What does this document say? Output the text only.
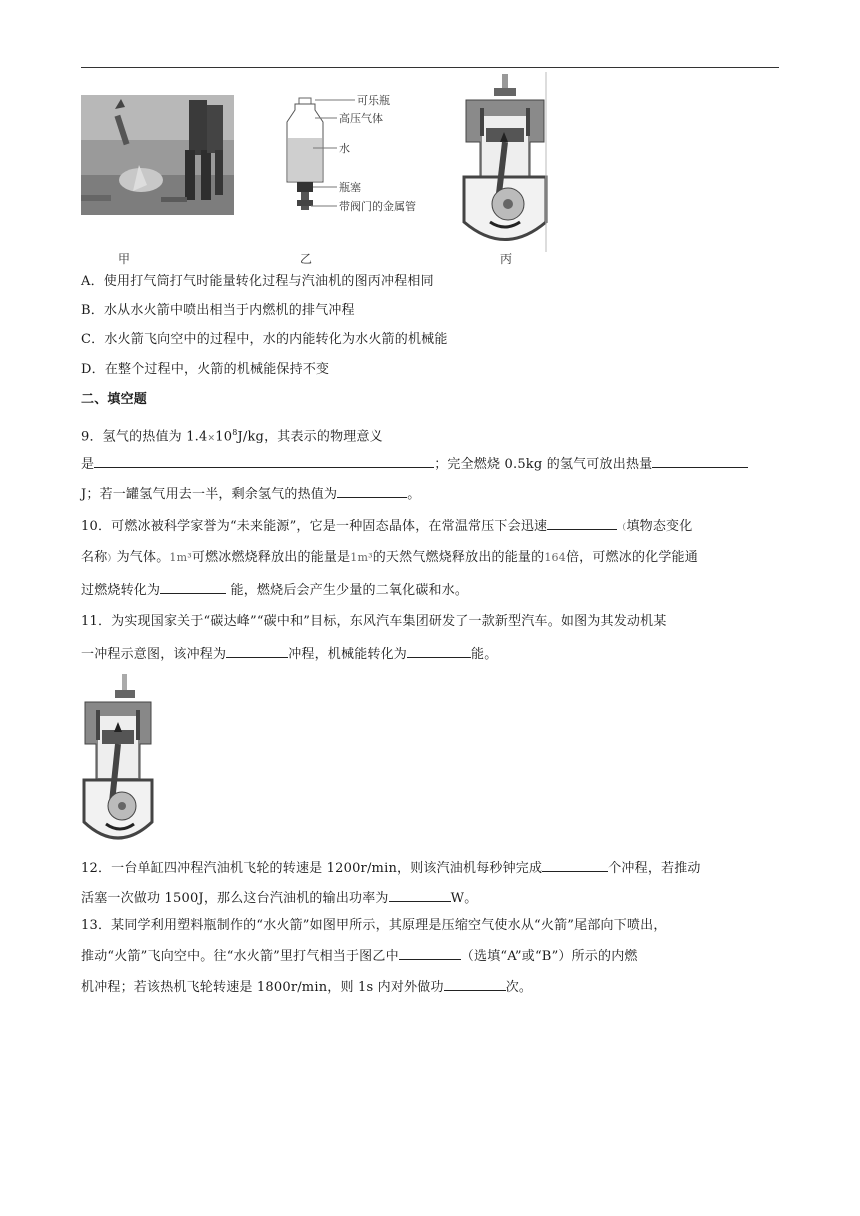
甲
可乐瓶
高压气体
水
瓶塞
带阀门的金属管
乙	丙
A．使用打气筒打气时能量转化过程与汽油机的图丙冲程相同
B．水从水火箭中喷出相当于内燃机的排气冲程
C．水火箭飞向空中的过程中，水的内能转化为水火箭的机械能
D．在整个过程中，火箭的机械能保持不变
二、填空题
9．氢气的热值为 $1.4\times 10^8J/kg$，其表示的物理意义
是	；完全燃烧 0.5kg 的氢气可放出热量
J；若一罐氢气用去一半，剩余氢气的热值为	。
10．可燃冰被科学家誉为“未来能源”，它是一种固态晶体，在常温常压下会迅速	（填物态变化
名称）为气体。1m³可燃冰燃烧释放出的能量是1m³的天然气燃烧释放出的能量的164倍，可燃冰的化学能通
过燃烧转化为	能，燃烧后会产生少量的二氧化碳和水。
11．为实现国家关于“碳达峰”“碳中和”目标，东风汽车集团研发了一款新型汽车。如图为其发动机某
一冲程示意图，该冲程为	冲程，机械能转化为	能。
12．一台单缸四冲程汽油机飞轮的转速是 1200r/min，则该汽油机每秒钟完成	个冲程，若推动
活塞一次做功 1500J，那么这台汽油机的输出功率为	W。
13．某同学利用塑料瓶制作的“水火箭”如图甲所示，其原理是压缩空气使水从“火箭”尾部向下喷出，
推动“火箭”飞向空中。往“水火箭”里打气相当于图乙中	（选填“A”或“B”）所示的内燃
机冲程；若该热机飞轮转速是 1800r/min，则 1s 内对外做功	次。
